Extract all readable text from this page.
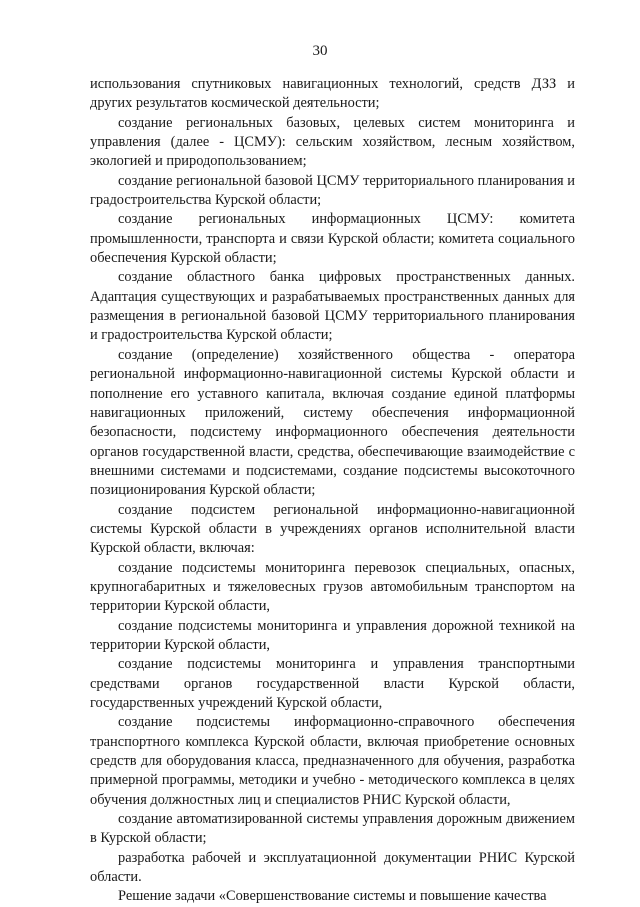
30

использования спутниковых навигационных технологий, средств ДЗЗ и других результатов космической деятельности;

создание региональных базовых, целевых систем мониторинга и управления (далее - ЦСМУ): сельским хозяйством, лесным хозяйством, экологией и природопользованием;

создание региональной базовой ЦСМУ территориального планирования и градостроительства Курской области;

создание региональных информационных ЦСМУ: комитета промышленности, транспорта и связи Курской области; комитета социального обеспечения Курской области;

создание областного банка цифровых пространственных данных. Адаптация существующих и разрабатываемых пространственных данных для размещения в региональной базовой ЦСМУ территориального планирования и градостроительства Курской области;

создание (определение) хозяйственного общества - оператора региональной информационно-навигационной системы Курской области и пополнение его уставного капитала, включая создание единой платформы навигационных приложений, систему обеспечения информационной безопасности, подсистему информационного обеспечения деятельности органов государственной власти, средства, обеспечивающие взаимодействие с внешними системами и подсистемами, создание подсистемы высокоточного позиционирования Курской области;

создание подсистем региональной информационно-навигационной системы Курской области в учреждениях органов исполнительной власти Курской области, включая:

создание подсистемы мониторинга перевозок специальных, опасных, крупногабаритных и тяжеловесных грузов автомобильным транспортом на территории Курской области,

создание подсистемы мониторинга и управления дорожной техникой на территории Курской области,

создание подсистемы мониторинга и управления транспортными средствами органов государственной власти Курской области, государственных учреждений Курской области,

создание подсистемы информационно-справочного обеспечения транспортного комплекса Курской области, включая приобретение основных средств для оборудования класса, предназначенного для обучения, разработка примерной программы, методики и учебно - методического комплекса в целях обучения должностных лиц и специалистов РНИС Курской области,

создание автоматизированной системы управления дорожным движением в Курской области;

разработка рабочей и эксплуатационной документации РНИС Курской области.

Решение задачи «Совершенствование системы и повышение качества
